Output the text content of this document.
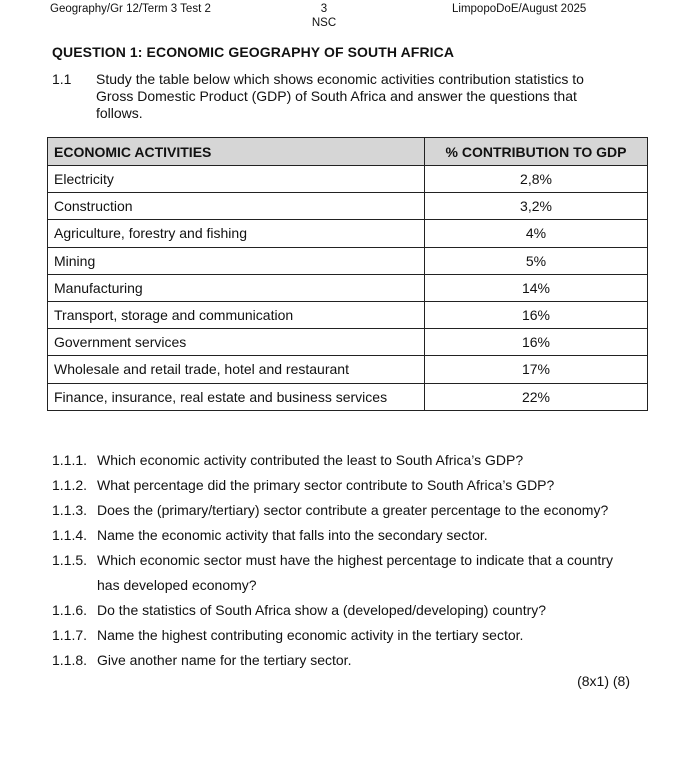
Geography/Gr 12/Term 3 Test 2	3
NSC
LimpopoDoE/August 2025
QUESTION 1: ECONOMIC GEOGRAPHY OF SOUTH AFRICA
1.1 Study the table below which shows economic activities contribution statistics to Gross Domestic Product (GDP) of South Africa and answer the questions that follows.
ECONOMIC ACTIVITIES	% CONTRIBUTION TO GDP
Electricity	2,8%
Construction	3,2%
Agriculture, forestry and fishing	4%
Mining	5%
Manufacturing	14%
Transport, storage and communication	16%
Government services	16%
Wholesale and retail trade, hotel and restaurant	17%
Finance, insurance, real estate and business services	22%
1.1.1. Which economic activity contributed the least to South Africa’s GDP?
1.1.2. What percentage did the primary sector contribute to South Africa’s GDP?
1.1.3. Does the (primary/tertiary) sector contribute a greater percentage to the economy?
1.1.4. Name the economic activity that falls into the secondary sector.
1.1.5. Which economic sector must have the highest percentage to indicate that a country
has developed economy?
1.1.6. Do the statistics of South Africa show a (developed/developing) country?
1.1.7. Name the highest contributing economic activity in the tertiary sector.
1.1.8. Give another name for the tertiary sector.
(8x1) (8)
